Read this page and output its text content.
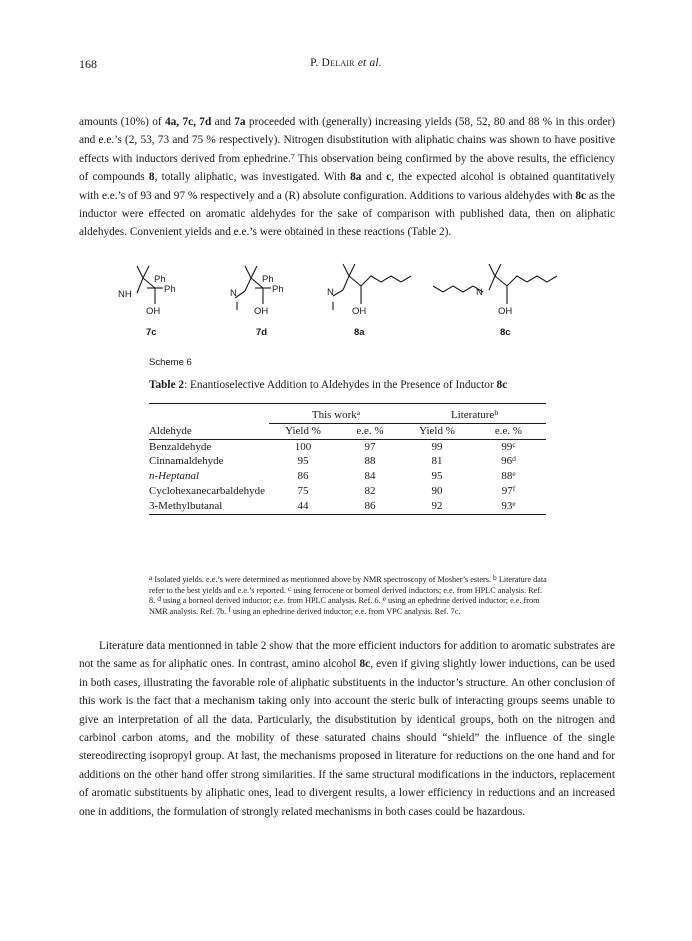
168	P. Delair et al.
amounts (10%) of 4a, 7c, 7d and 7a proceeded with (generally) increasing yields (58, 52, 80 and 88 % in this order) and e.e.’s (2, 53, 73 and 75 % respectively). Nitrogen disubstitution with aliphatic chains was shown to have positive effects with inductors derived from ephedrine.$^7$ This observation being confirmed by the above results, the efficiency of compounds 8, totally aliphatic, was investigated. With 8a and c, the expected alcohol is obtained quantitatively with e.e.’s of 93 and 97 % respectively and a (R) absolute configuration. Additions to various aldehydes with 8c as the inductor were effected on aromatic aldehydes for the sake of comparison with published data, then on aliphatic aldehydes. Convenient yields and e.e.’s were obtained in these reactions (Table 2).
NH
Ph
Ph
OH
7c
N
Ph
Ph
OH
7d
N
OH
8a
N
OH
8c
Scheme 6
Table 2: Enantioselective Addition to Aldehydes in the Presence of Inductor 8c

	This work$^a$		Literature$^b$
Aldehyde	Yield %	e.e. %	Yield %	e.e. %
Benzaldehyde	100	97	99	99$^c$
Cinnamaldehyde	95	88	81	96$^d$
n-Heptanal	86	84	95	88e
Cyclohexanecarbaldehyde	75	82	90	97$^f$
3-Methylbutanal	44	86	92	93e
$^a$ Isolated yields. e.e.’s were determined as mentionned above by NMR spectroscopy of Mosher’s esters. $^b$ Literature data refer to the best yields and e.e.’s reported. $^c$ using ferrocene or borneol derived inductors; e.e. from HPLC analysis. Ref. 8. $^d$ using a borneol derived inductor; e.e. from HPLC analysis. Ref. 6. $^e$ using an ephedrine derived inductor; e.e. from NMR analysis. Ref. 7b. $^f$ using an ephedrine derived inductor; e.e. from VPC analysis. Ref. 7c.
Literature data mentionned in table 2 show that the more efficient inductors for addition to aromatic substrates are not the same as for aliphatic ones. In contrast, amino alcohol 8c, even if giving slightly lower inductions, can be used in both cases, illustrating the favorable role of aliphatic substituents in the inductor’s structure. An other conclusion of this work is the fact that a mechanism taking only into account the steric bulk of interacting groups seems unable to give an interpretation of all the data. Particularly, the disubstitution by identical groups, both on the nitrogen and carbinol carbon atoms, and the mobility of these saturated chains should “shield” the influence of the single stereodirecting isopropyl group. At last, the mechanisms proposed in literature for reductions on the one hand and for additions on the other hand offer strong similarities. If the same structural modifications in the inductors, replacement of aromatic substituents by aliphatic ones, lead to divergent results, a lower efficiency in reductions and an increased one in additions, the formulation of strongly related mechanisms in both cases could be hazardous.
